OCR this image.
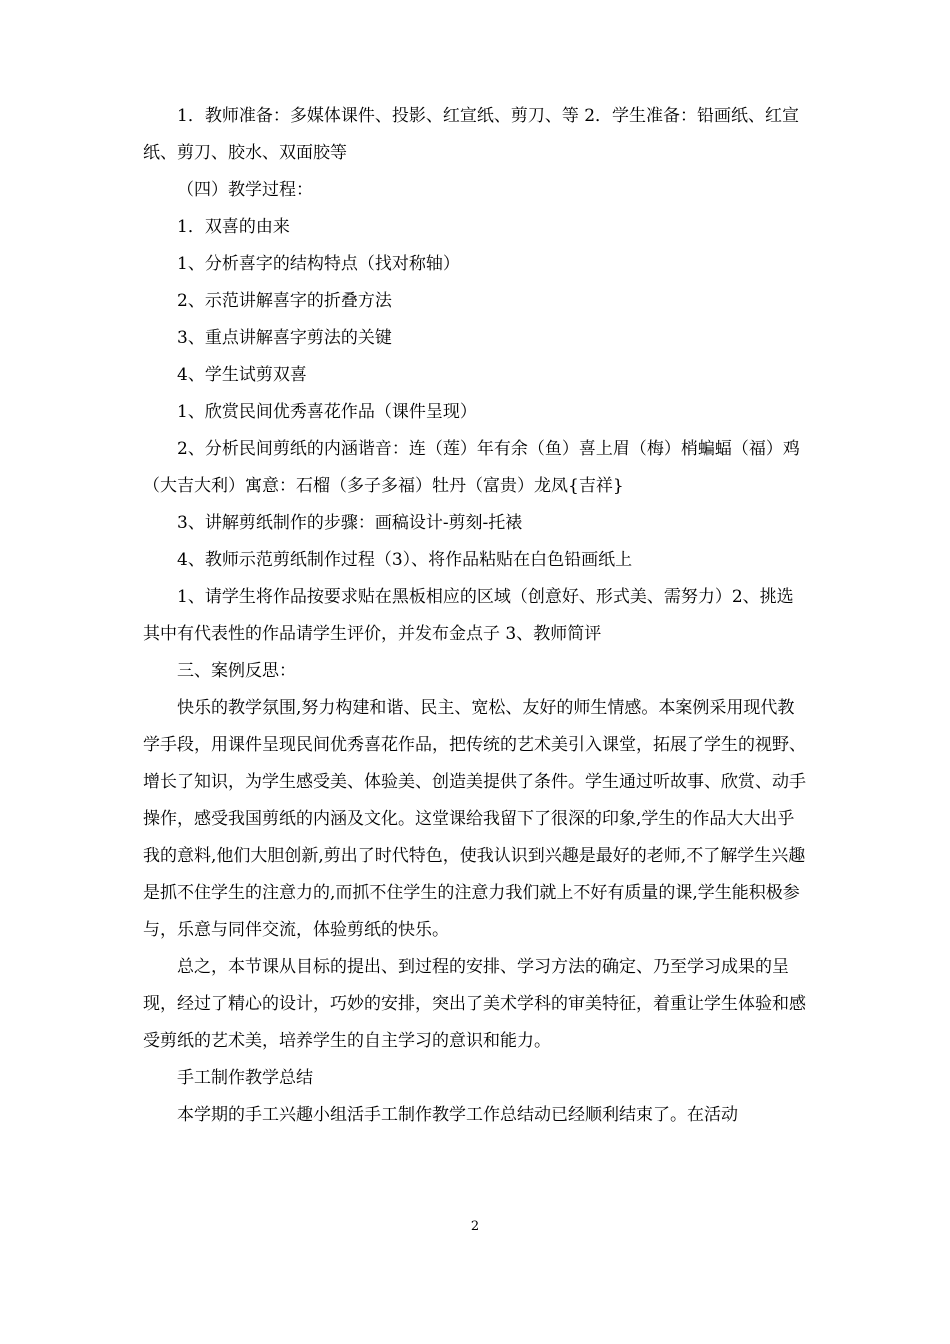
1．教师准备：多媒体课件、投影、红宣纸、剪刀、等 2．学生准备：铅画纸、红宣纸、剪刀、胶水、双面胶等

（四）教学过程：

1．双喜的由来

1、分析喜字的结构特点（找对称轴）

2、示范讲解喜字的折叠方法

3、重点讲解喜字剪法的关键

4、学生试剪双喜

1、欣赏民间优秀喜花作品（课件呈现）

2、分析民间剪纸的内涵谐音：连（莲）年有余（鱼）喜上眉（梅）梢蝙蝠（福）鸡（大吉大利）寓意：石榴（多子多福）牡丹（富贵）龙凤{吉祥}

3、讲解剪纸制作的步骤：画稿设计-剪刻-托裱

4、教师示范剪纸制作过程（3）、将作品粘贴在白色铅画纸上

1、请学生将作品按要求贴在黑板相应的区域（创意好、形式美、需努力）2、挑选其中有代表性的作品请学生评价，并发布金点子 3、教师简评

三、案例反思：

快乐的教学氛围,努力构建和谐、民主、宽松、友好的师生情感。本案例采用现代教学手段，用课件呈现民间优秀喜花作品，把传统的艺术美引入课堂，拓展了学生的视野、增长了知识，为学生感受美、体验美、创造美提供了条件。学生通过听故事、欣赏、动手操作，感受我国剪纸的内涵及文化。这堂课给我留下了很深的印象,学生的作品大大出乎我的意料,他们大胆创新,剪出了时代特色，使我认识到兴趣是最好的老师,不了解学生兴趣是抓不住学生的注意力的,而抓不住学生的注意力我们就上不好有质量的课,学生能积极参与，乐意与同伴交流，体验剪纸的快乐。

总之，本节课从目标的提出、到过程的安排、学习方法的确定、乃至学习成果的呈现，经过了精心的设计，巧妙的安排，突出了美术学科的审美特征，着重让学生体验和感受剪纸的艺术美，培养学生的自主学习的意识和能力。

手工制作教学总结

本学期的手工兴趣小组活手工制作教学工作总结动已经顺利结束了。在活动

2
